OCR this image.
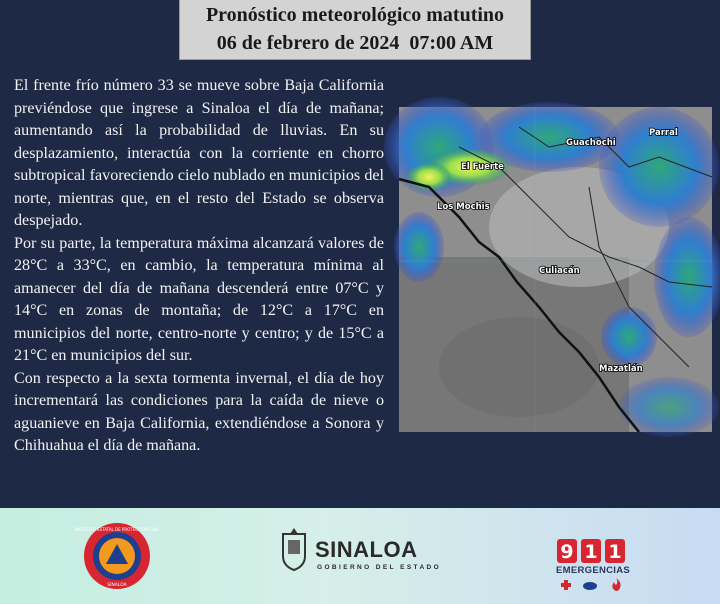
Pronóstico meteorológico matutino
06 de febrero de 2024  07:00 AM

El frente frío número 33 se mueve sobre Baja California previéndose que ingrese a Sinaloa el día de mañana; aumentando así la probabilidad de lluvias. En su desplazamiento, interactúa con la corriente en chorro subtropical favoreciendo cielo nublado en municipios del norte, mientras que, en el resto del Estado se observa despejado.

Por su parte, la temperatura máxima alcanzará valores de 28°C a 33°C, en cambio, la temperatura mínima al amanecer del día de mañana descenderá entre 07°C y 14°C en zonas de montaña; de 12°C a 17°C en municipios del norte, centro-norte y centro; y de 15°C a 21°C en municipios del sur.

Con respecto a la sexta tormenta invernal, el día de hoy incrementará las condiciones para la caída de nieve o aguanieve en Baja California, extendiéndose a Sonora y Chihuahua el día de mañana.

Parral
Guachochi
El Fuerte
Los Mochis
Culiacán
Mazatlán
INSTITUTO ESTATAL DE PROTECCIÓN CIVIL
SINALOA
SINALOA
GOBIERNO DEL ESTADO
9 1 1
EMERGENCIAS
